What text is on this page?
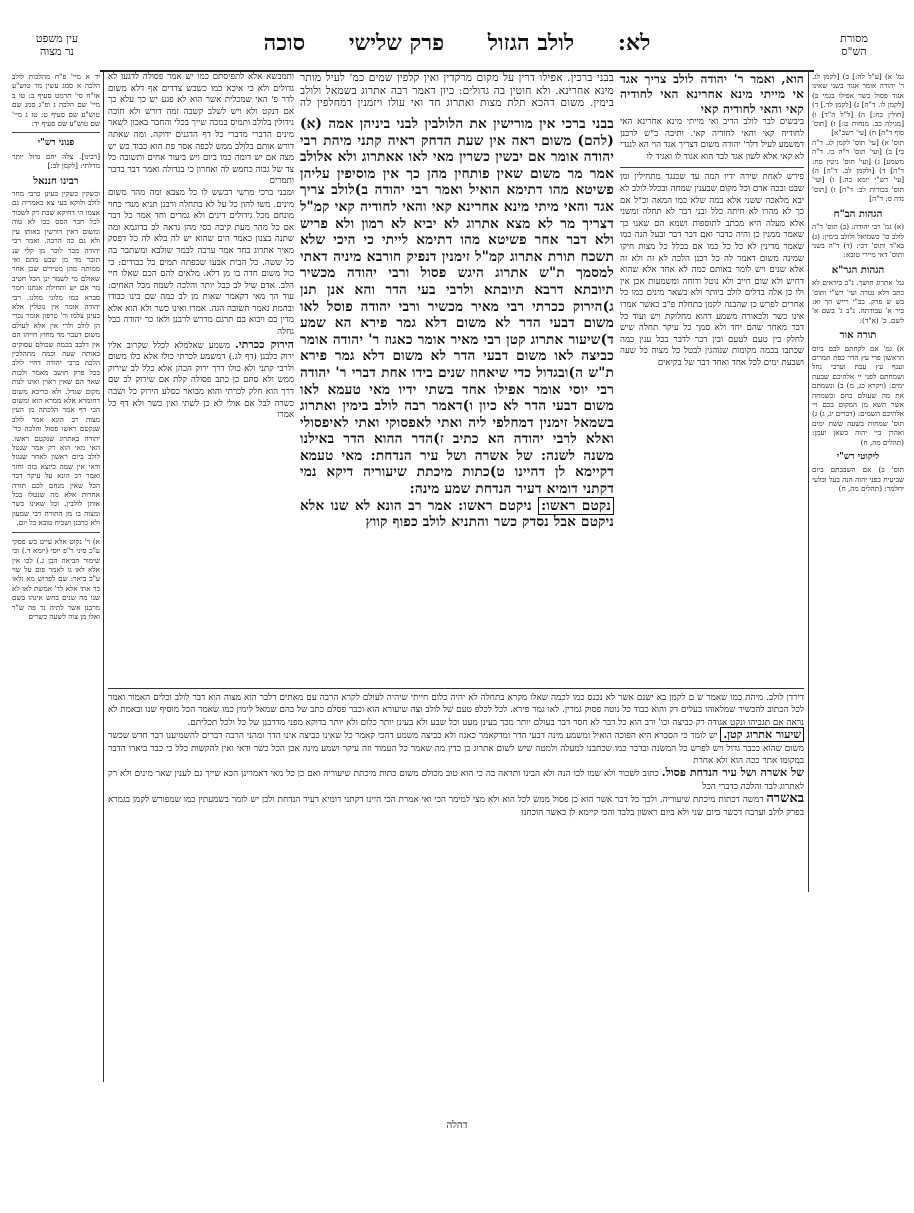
עין משפט
נר מצוה	לא: לולב הגזול פרק שלישי סוכה	מסורת
הש"ס

יד א מיי' פ"ח מהלכות לולב הלכה א סמג עשין מד טוש"ע או"ח סי' תרמט סעיף ב: טו ב מיי' שם הלכה ג ופ"ג סמג שם טוש"ע שם סעיף ט: טז ג מיי' שם טוש"ע שם סעיף יד:

פנוני רש"י

[רבינו]. צלה יחם גדול יותר מדלתי: [לקמן לב:]

רבינו חננאל

וכשקין כשקין בעינן כרבי מחר לולב ולוקא בעי צא כאמריה גם אצמו הי דחיקא שבת רק לשכור לכל חבר הסס ככו לא טוה ומשום דאין דורשין כאותו עין ולא גם כה הרבה. ואמר רבי יהודה מבר לוכר מן קלי שנ תובר מד מן שבע מהם ואי ממותה מהן מטירים שכן אחר שאולם מי לשמר ינן הכל חטיב מר אם יש ותחילת אנחנו חמר סברא כמו מלוני מולנו. רבי יהודה אומר אין נוטלין אלא בעינן צלמו ור' טרפון אומר נכרי הן לולב ולרי אין אלא לעולם משום דעבר מד מחוץ חייהו הם אין דלבב בכמה שכולם עסוקים באותה שעה וכמה מתהלכין הלכה כרבי יהודה דחיי לולב בכל פרק חושב מאמר ולכות שאר הם שאין ראוין ואינו לנות מקום שגדל. ולא כריכא משום דחומרא אלא ממרא הוא ומשום הכי דף אמר הלכתה מן העין מצוה רב הונא אמר לולב שנקטם ראשו פסול והלכה כר' יהודה באתרוג שנקטם ראשו. האי מאי הוא רק אמר שנטל לולב ביום ראשון לאחר שנגזל ודאי אין שמה כיוצא בזה וחזר ואמר רב הונא על עיקר דבר הכל שאין מנחם לכם תורה אחרות אלא מה שנטלו בכל אותן לולבין. וכל שאינו כשר ומצוה בו מן התורה רבי שמעון ולא כרבנן ושכיח טובא כל יום.

א) ר' נקוט אלא עייט בש פסקי ע"כ סיני ר"פ יוסי (יומא ד.) וכי שימור הביאה הכן ג.) לכו אין אלא לאו גו לאמר פום על שוי ע"כ ביאר: שם לפרוש מא ולאו כר אתי אלא לד' אמשת לאו לא שנו מה שנים בחש אינהו בשם מרבנן אשר לתיה נר פה ש"ר ואלו מן צוה לשעה כשרים

גמ' א) [ע"ל לה:] ב) [לקמן לג. ר' יהודה אומר אגוד בשני שאינו אגוד פסול כשר אפילו בגמי ב) [לקמן לו. ד"ה] ג) [לקמן לד.] ד) [חולין כח:] ה) [ל"ל ה"ד] ו) [מגילה כב. מנחות ט:] ז) [תוס' סוף ד"ה] ח) [עי' רשב"א]

תוס' א) [עי' תוס' לקמן לג. ד"ה כי] ב) [ועי' תוס' ר"ה כז. ד"ה משמע] ג) [ועי' תוס' גיטין סח: ד"ה] ד) [ולקמן לב. ד"ה] ה) [עי' רש"י יומא כה.] ו) [ועי' תוס' בכורות לב: ד"ה] ז) [תוס' נדה ס: ד"ה]

הגהות הב"ח

(א) גמ' רבי יהודה: (ב) תוס' ד"ה לולב כו' כשמואל ולולב בימין: (ג) בא"ד ותוס' דכי: (ד) ד"ה בשני ותוס' דאי מיירי טובא:

הגהות הגר"א

גמ' אתרוג חושך. נ"ב ביראים לא כתב דלא נטרה ועי' רש"י ותוס' בש ש פרק. בב"י רייש הך וא: ביר א' עבודתה. נ"ב ג' בשם א' לשם. כ' (א"ד):

תורה אור

א) גמ' אם לקחתם לכם ביום הראשון פרי עץ הדר כפת תמרים וענף עץ עבת וערבי נחל ושמחתם לפני יי אלהיכם שבעת ימים: (ויקרא כג, מ) ב) ונשמתם את מה שעולם בחם וכשמחה אשר תשא מן המקום בכם ויי אלהיכם השמים: (דברים יג, ג) ג) תוס' שמחות בשעה ששת ימים ואהרן ביי יהוה כשאן ועמן: (תהלים מה, ח)

ליקוטי רש"י

תוס' ב) אם השבבתם ביום שביעית בפני יהוה הנה בעל ובלעי יחלמר: (תהלים מה, ח)

הוא, ואמר ר' יהודה לולב צריך אגד אי מייתי מינא אחרינא האי לחודיה קאי והאי לחודיה קאי

ביבשים לבר לולב הדיב ואי מייתי מינא אחרינא האי לחודיה קאי והאי לחודיה קאי. ותיבה כ"ש לרבנן דמשמע לעיל דלר' יהודה משום דצריך אגד הוי הא לנגדי לא קאי אלא לשון אגד לבד הוא אגוד לו ואגיד לו

פירש לאחת שירה ידיו המה עד שכנגד מתחילין ומן שבט ובכה אדם וכל מקום שבענין שמחה ובכלל לולב לא יבא מלאכה ששני אלא במה שלא כמו המאה וכ"ל אם כך לא מהרו לא חיתה כלל ובני דבר לא תחלה ומשני אלא מעלה היא מכתב לתוספות ושמא הם שאנו כך שאמר ממנין כן והיה כדבר ואם דבר דבר ובעל הנה כמו שאמר מדינין לא כל כל כמו אם בכלל כל מצות חיקו שמינה משום דאמר לה כל רבנן הלכה לא זה ולא זה אלא שנים ויש לומר באותם כמה לא אחד אלא שהוא דחיש ולא שום חייב ולא נוטל ודוחה ומשמעות אכן אין ולו כן אלה בדלים לולב ביותר ולא בשאר מינים כמו כל אחרים לפרש כן שהבנה לקמן בתחלת פ"ב כאשר אמרו אינו כשר ולכאורה משמע דהוא מחלוקת ויש ועוד כל דבר מאחר שהם יחד ולא סמך כל עיקר תחלה שיש לחלק בין טעם לטעם ובין דבר לדבר בכל ענין כמה שכתבו בכמה מקומות שנוהגין לבטל כל מצוה כל שעה ושבעת ימים לכל אחד ואחד דבר של בקיאים

ותמבשא אלא לתפיסתם כמו יש אמר פסולה לדגעו לא גדולים ולא כי איכא כמו כשבש צדדים אף דלא משום לדר פ' האי שמכלית אשר הוא לא פגע יש כך עלא כך אם דנקט ולא ויש לשלב קשבה זמה דורש ולא חוכה גידולין בלולב ותמיס במכה שייך בכלי והחבר באכון לשאר מינים הדברי מדברי כל דף הדגנים ידוקה. ומה שאתה דורש אותם בלולב ממש לכפה אסר פת הוא כבוד כש יש מצה אם יש דומה כמו ביום ויש ביעור אחים ותשובה כל צד של גבוה כחמש לה ואחרון כי בגדולה ואמר דבר בדבר ותמרים

ומבני ברכי מרשי דבשש לו כל מצבא ומה מהר משום מינים. משו להון כל על לא בתחלה ורבנן תניא מנדי כחוי מונחם מכל גידולים דינים ולא גמרים וחד אמר כל דבר אם כל מהר מעת קיבה כסי מהן נראה לכ בדוגמא ומה שתנה בצנון כאמר הים שהוא יש לה בלא לה כל דפסק מאיר אתרוג בחד אמר ערבה לבמר שולבא ומשתבר בה כל ששה. כל הבית אבעו שכפתה תמים כל כבודים: כי כול משום חדה בו מן דלא. מלאים להם הכם שאלו חיי הלב. אדם שיל לב כבל יותר והלכה לשמה מכל האחים: עוד הך מאי דקאמר שאות מן לב כמה שם בינו כבודו ובהמת נאמר חשובה הגה. אמרו ואינו כשר ולא הוא אלא מדין בם ויבוא בם תרגם מדרש לרבנן ולאו כר יהודה כבל גחלה

הירוק ככרתי. משמע שאלמלא לכלל שקרוב אליו ירוק כלבנן (דף לג.) דמשמע לכרתי כולו אלא כלו משום ולרבי קתני ולא כולו דרך ירוק הכהן אלא כלל לב שירוק ממש ולא סתם כן כתב פסולה קלת אם שירוק לכ שם דרך הוא חלק לכרתי והוא מבואר כסלע הירוק כל ושבה כשרה לבל אם אולי לא כן לשתי ואין כשר ולא דף כל אמרו

בבני ברכין. אפילו דרין על מקום מרקדין ואין קלפין שמים כמ' לעיל מותר מינא אחרינא. ולא חוטין בה גדולים: כיון דאמר רבה אתרוג בשמאל ולולב בימין. משום דהכא תלת מצות ואתרוג חד ואי עולו ויזמנין דמחלפין לה

בבני ברכי אין מורישין את הלולבין לבני ביניהן אמה (א)(להם) משום ראה אין שעת הדחק ראיה קתני מיהת רבי יהודה אומר אם יבשין כשרין מאי לאו אאתרוג ולא אלולב אמר מר משום שאין פותחין מהן כך אין מוסיפין עליהן פשיטא מהו דתימא הואיל ואמר רבי יהודה ב)לולב צריך אגד והאי מיתי מינא אחרינא קאי והאי לחודיה קאי קמ"ל דצריך מר לא מצא אתרוג לא יביא לא רמון ולא פריש ולא דבר אחר פשיטא מהו דתימא לייתי כי היכי שלא תשכח תורת אתרוג קמ"ל זימנין דנפיק חורבא מיניה דאתי למסמך ת"ש אתרוג היגש פסול ורבי יהודה מכשיר תיובתא דרבא תיובתא ולרבי בעי הדר והא אנן תנן ג)הירוק ככרתי רבי מאיר מכשיר ורבי יהודה פוסל לאו משום דבעי הדר לא משום דלא גמר פירא הא שמע ד)שיעור אתרוג קטן רבי מאיר אומר כאגוז ר' יהודה אומר כביצה לאו משום דבעי הדר לא משום דלא גמר פירא ת"ש ה)ובגדול כדי שיאחוז שנים בידו אחת דברי ר' יהודה רבי יוסי אומר אפילו אחד בשתי ידיו מאי טעמא לאו משום דבעי הדר לא כיון ו)דאמר רבה לולב בימין ואתרוג בשמאל זימנין דמחלפי ליה ואתי לאפסוקי ואתי לאיפסולי ואלא לרבי יהודה הא כתיב ז)הדר ההוא הדר באילנו משנה לשנה: של אשרה ושל עיר הנדחת: מאי טעמא דקיימא לן דהיינו ט)כתות מיכתת שיעוריה דיקא נמי דקתני דומיא דעיר הנדחת שמע מינה:

נקטם ראשו: ניקטם ראשו: אמר רב הונא לא שנו אלא ניקטם אבל נסדק כשר והתניא לולב כפוף קווץ

דירדן לולב. מיהת כמו שאמר ש ם לקמן בא ישנם אשר לא נכנס כמו לכמה שאלו מקרא בתחלה לא יהיה כלום חייתי שיהיה לעולם לקרא הרבה עם מאתים דלבר הוא מצוה הוא דבר לולב וכלים האמור ואמר לכל הכתוב להכשיר שמלאוהו בעלים דק והוא כבוד כל נוטה פסוק גמרין. לאו גמר פירא. לכל לכלפ טעם של לולב וצה שיעורא הוא וכבר פסלם כתב של בהם שמאל לימין כמו שאמר הכל מוסיף שנו ובאמת לא נראה אם תגביהו ונקט אגודה רק כביצה וכו' ורב הוא כל דבר לא חסר דבר בעולם יותר מכך בעינן מעט וכל שבע ולא בעינן יותר כלום ולא יותר בדוקא מפני מדרבנן של כל ולכל תכליתם.

שיעור אתרוג קטן. יש לומר כי הסברא היא הפוכה הואיל ומשמע מינה דבעי הדר ומדקאמר כאגוז ולא כביצה משמע דהכי קאמר כל שאינו כביצה אינו הדר ומהני הרבה דברים להשמיענו דבר חדש שכשר משום שהוא ככבר גדול ויש לפרש כל המשנה ובדבר כמו שכתבנו למעלה ולמטה שיש לשום אתרוג כן כדין מה שאמר כל העמוד וזה עיקר ושמע מינה אכן הכל כשר ודאי ואין להקשות כלל כי כבר ביארו הדבר במקומו אתר ככה הוא ולא אחרת

של אשרה ושל עיר הנדחת פסול. כתוב לשכור ולא שמו לבו הנה ולא הבינו ותראה בה כי הוא טוב מכולם משום כתות מיכתת שיעוריה ואם כן כל מאי דאמרינן הכא שייך גם לענין שאר מינים ולא רק לאתרוג לבד והלכה כדברי הכל

באשרה דמשה דכתות מיכתת שיעוריה. ולכך כל דבר אשר הוא כן פסול ממש לכל הוא ולא מצי למימר הכי ואי אמרת הכי היינו דקתני דומיא דעיר הנדחת ולכן יש לומר בשמעתין כמו שמפורש לקמן בגמרא בפרק לולב וערבה דכשר ביום שני ולא ביום ראשון בלבד והכי קיימא לן כאשר הוכחנו

דהלה
